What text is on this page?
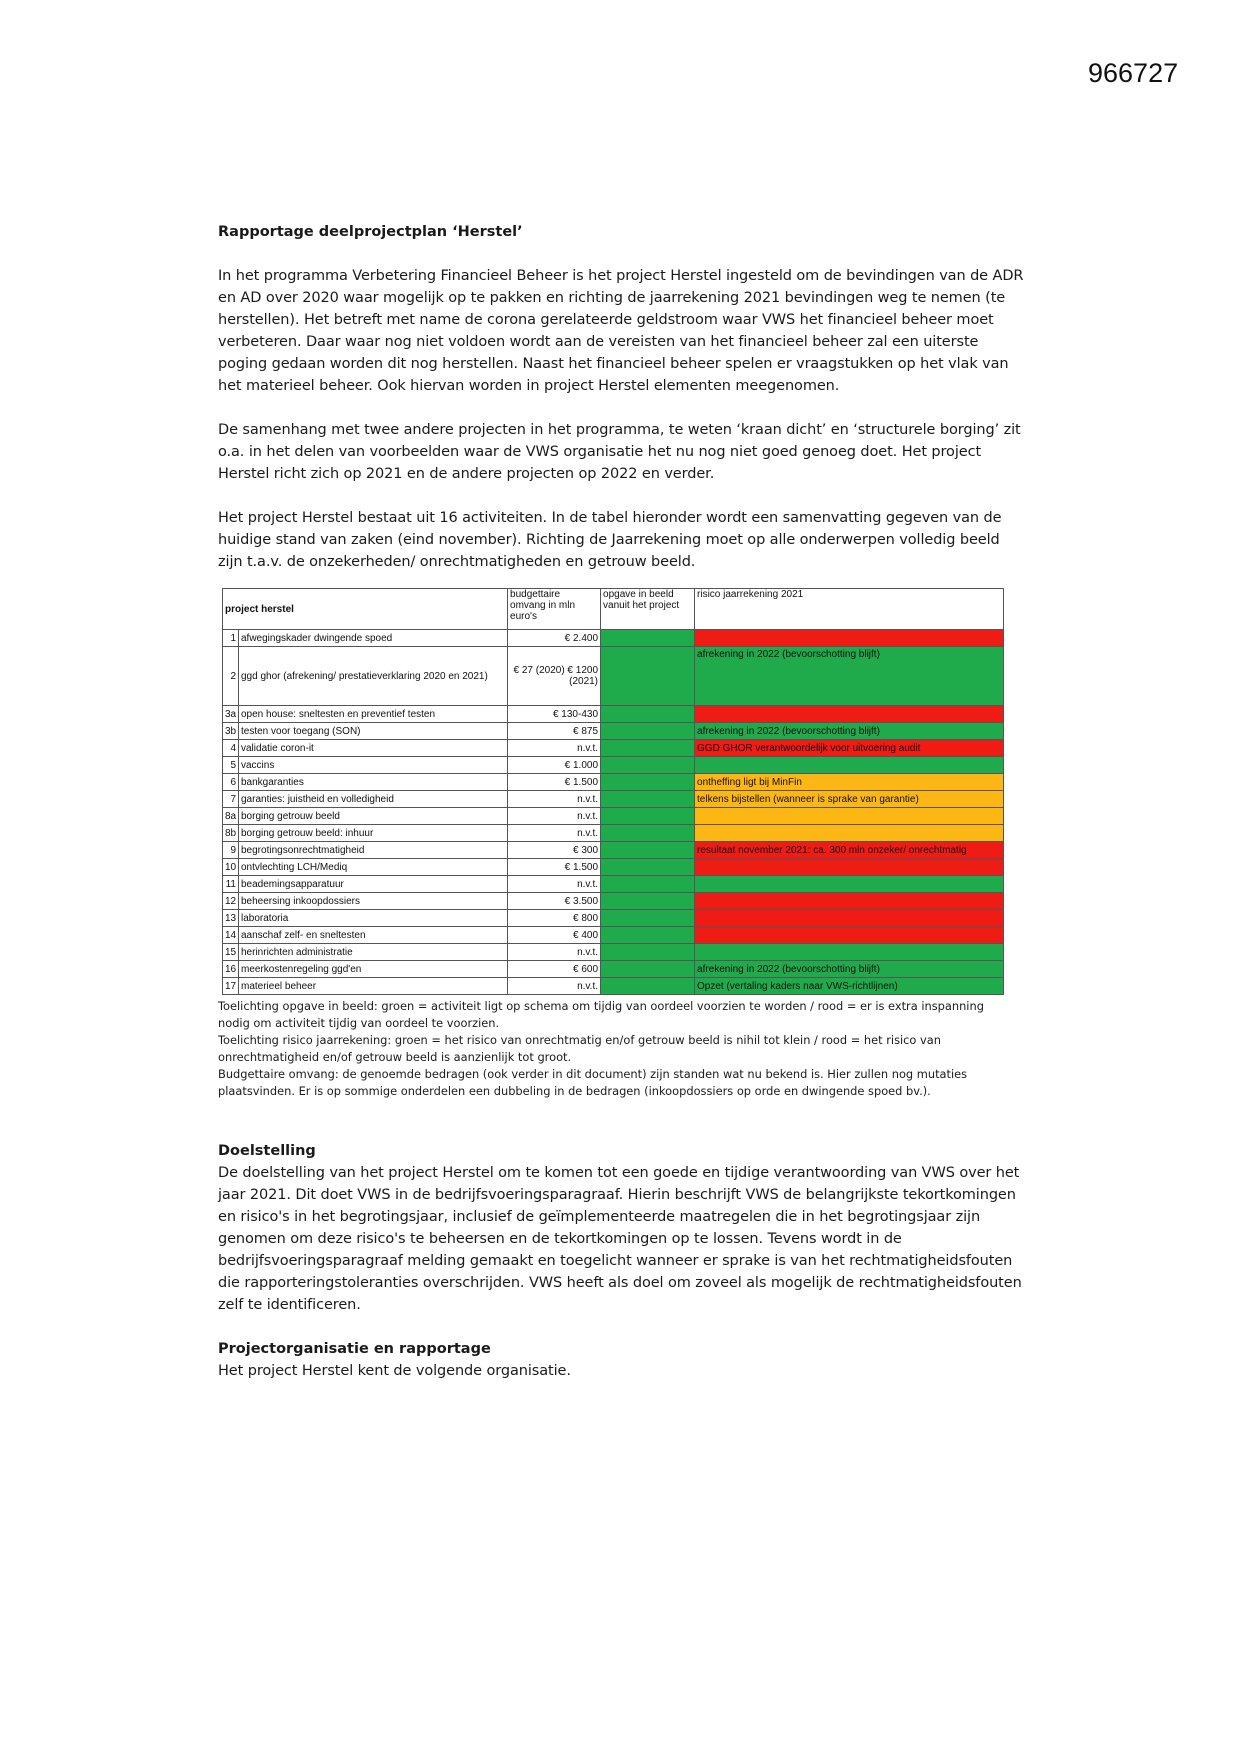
966727
Rapportage deelprojectplan ‘Herstel’

In het programma Verbetering Financieel Beheer is het project Herstel ingesteld om de bevindingen van de ADR en AD over 2020 waar mogelijk op te pakken en richting de jaarrekening 2021 bevindingen weg te nemen (te herstellen). Het betreft met name de corona gerelateerde geldstroom waar VWS het financieel beheer moet verbeteren. Daar waar nog niet voldoen wordt aan de vereisten van het financieel beheer zal een uiterste poging gedaan worden dit nog herstellen. Naast het financieel beheer spelen er vraagstukken op het vlak van het materieel beheer. Ook hiervan worden in project Herstel elementen meegenomen.

De samenhang met twee andere projecten in het programma, te weten ‘kraan dicht’ en ‘structurele borging’ zit o.a. in het delen van voorbeelden waar de VWS organisatie het nu nog niet goed genoeg doet. Het project Herstel richt zich op 2021 en de andere projecten op 2022 en verder.

Het project Herstel bestaat uit 16 activiteiten. In de tabel hieronder wordt een samenvatting gegeven van de huidige stand van zaken (eind november). Richting de Jaarrekening moet op alle onderwerpen volledig beeld zijn t.a.v. de onzekerheden/ onrechtmatigheden en getrouw beeld.

project herstel		budgettaire omvang in mln euro's	opgave in beeld vanuit het project	risico jaarrekening 2021
1	afwegingskader dwingende spoed	€ 2.400		
2	ggd ghor (afrekening/ prestatieverklaring 2020 en 2021)	€ 27 (2020) € 1200 (2021)		afrekening in 2022 (bevoorschotting blijft)
3a	open house: sneltesten en preventief testen	€ 130-430		
3b	testen voor toegang (SON)	€ 875		afrekening in 2022 (bevoorschotting blijft)
4	validatie coron-it	n.v.t.		GGD GHOR verantwoordelijk voor uitvoering audit
5	vaccins	€ 1.000		
6	bankgaranties	€ 1.500		ontheffing ligt bij MinFin
7	garanties: juistheid en volledigheid	n.v.t.		telkens bijstellen (wanneer is sprake van garantie)
8a	borging getrouw beeld	n.v.t.		
8b	borging getrouw beeld: inhuur	n.v.t.		
9	begrotingsonrechtmatigheid	€ 300		resultaat november 2021: ca. 300 mln onzeker/ onrechtmatig
10	ontvlechting LCH/Mediq	€ 1.500		
11	beademingsapparatuur	n.v.t.		
12	beheersing inkoopdossiers	€ 3.500		
13	laboratoria	€ 800		
14	aanschaf zelf- en sneltesten	€ 400		
15	herinrichten administratie	n.v.t.		
16	meerkostenregeling ggd'en	€ 600		afrekening in 2022 (bevoorschotting blijft)
17	materieel beheer	n.v.t.		Opzet (vertaling kaders naar VWS-richtlijnen)
Toelichting opgave in beeld: groen = activiteit ligt op schema om tijdig van oordeel voorzien te worden / rood = er is extra inspanning nodig om activiteit tijdig van oordeel te voorzien.
Toelichting risico jaarrekening: groen = het risico van onrechtmatig en/of getrouw beeld is nihil tot klein / rood = het risico van onrechtmatigheid en/of getrouw beeld is aanzienlijk tot groot.
Budgettaire omvang: de genoemde bedragen (ook verder in dit document) zijn standen wat nu bekend is. Hier zullen nog mutaties plaatsvinden. Er is op sommige onderdelen een dubbeling in de bedragen (inkoopdossiers op orde en dwingende spoed bv.).
Doelstelling

De doelstelling van het project Herstel om te komen tot een goede en tijdige verantwoording van VWS over het jaar 2021. Dit doet VWS in de bedrijfsvoeringsparagraaf. Hierin beschrijft VWS de belangrijkste tekortkomingen en risico's in het begrotingsjaar, inclusief de geïmplementeerde maatregelen die in het begrotingsjaar zijn genomen om deze risico's te beheersen en de tekortkomingen op te lossen. Tevens wordt in de bedrijfsvoeringsparagraaf melding gemaakt en toegelicht wanneer er sprake is van het rechtmatigheidsfouten die rapporteringstoleranties overschrijden. VWS heeft als doel om zoveel als mogelijk de rechtmatigheidsfouten zelf te identificeren.

Projectorganisatie en rapportage

Het project Herstel kent de volgende organisatie.
